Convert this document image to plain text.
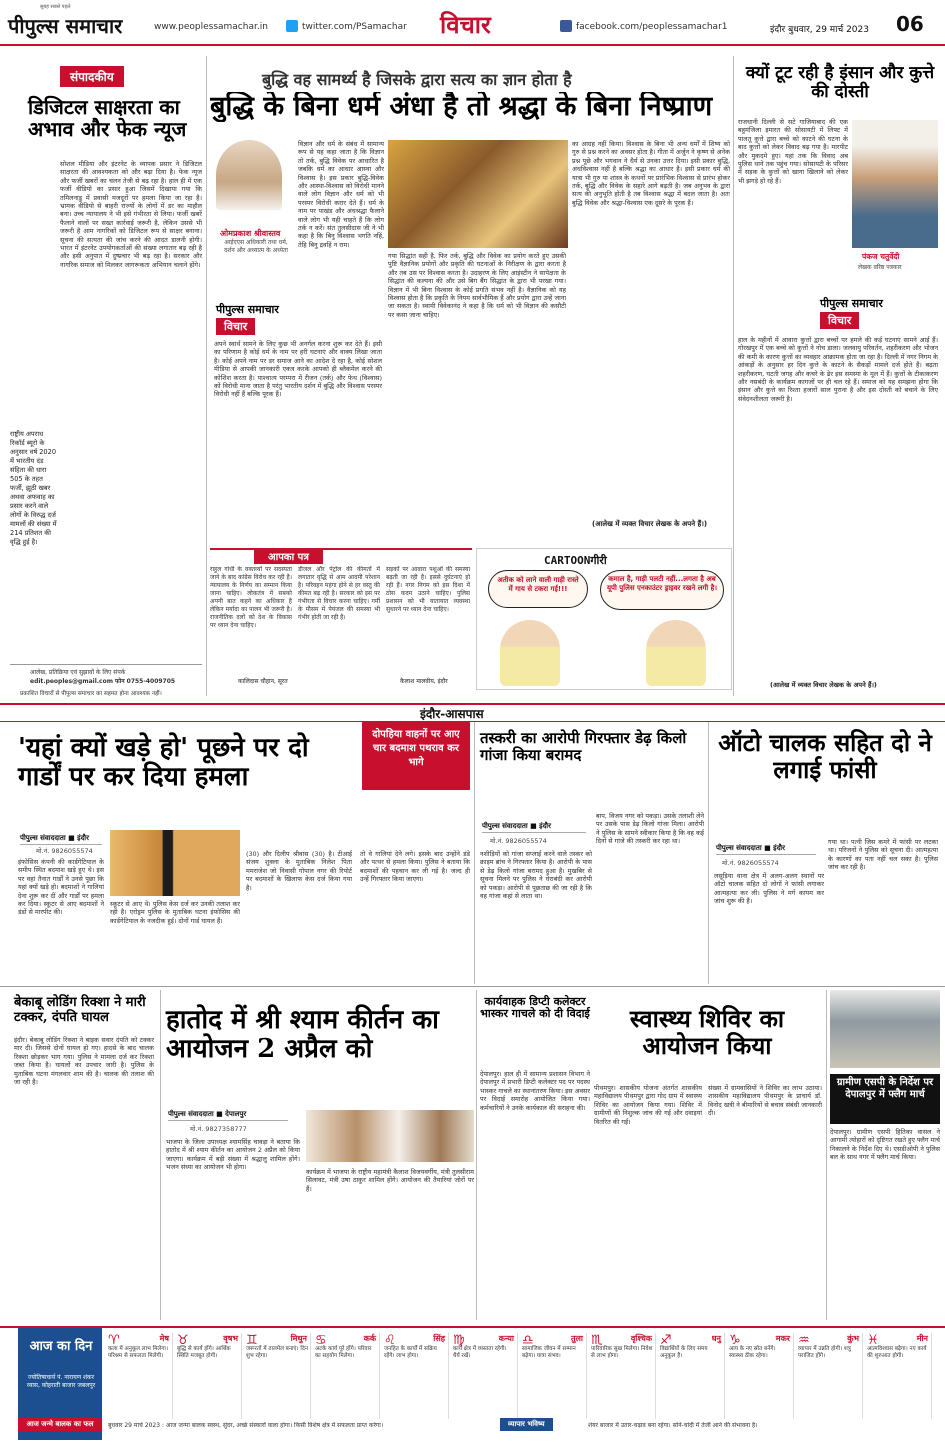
पीपुल्स समाचार
सुबह सबसे पहले
www.peoplessamachar.in	twitter.com/PSamachar विचार	facebook.com/peoplessamachar1	इंदौर बुधवार, 29 मार्च 2023 06
संपादकीय
डिजिटल साक्षरता का अभाव और फेक न्यूज
सोशल मीडिया और इंटरनेट के व्यापक प्रसार ने डिजिटल साक्षरता की आवश्यकता को और बढ़ा दिया है। फेक न्यूज और फर्जी खबरों का चलन तेजी से बढ़ रहा है। हाल ही में एक फर्जी वीडियो का प्रसार हुआ जिसमें दिखाया गया कि तमिलनाडु में प्रवासी मजदूरों पर हमला किया जा रहा है। भ्रामक वीडियो से बाहरी राज्यों के लोगों में डर का माहौल बना। उच्च न्यायालय ने भी इसे गंभीरता से लिया। फर्जी खबरें फैलाने वालों पर सख्त कार्रवाई जरूरी है, लेकिन उससे भी जरूरी है आम नागरिकों को डिजिटल रूप से साक्षर बनाना। सूचना की सत्यता की जांच करने की आदत डालनी होगी। भारत में इंटरनेट उपयोगकर्ताओं की संख्या लगातार बढ़ रही है और इसी अनुपात में दुष्प्रचार भी बढ़ रहा है। सरकार और नागरिक समाज को मिलकर जागरूकता अभियान चलाने होंगे।
राष्ट्रीय अपराध रिकॉर्ड ब्यूरो के अनुसार वर्ष 2020 में भारतीय दंड संहिता की धारा 505 के तहत फर्जी, झूठी खबर अथवा अफवाह का प्रसार करने वाले लोगों के विरुद्ध दर्ज मामलों की संख्या में 214 प्रतिशत की वृद्धि हुई है।
आलेख, प्रतिक्रिया एवं सुझावों के लिए संपर्क
edit.peoples@gmail.com फोन 0755-4009705
प्रकाशित विचारों से पीपुल्स समाचार का सहमत होना आवश्यक नहीं।
बुद्धि वह सामर्थ्य है जिसके द्वारा सत्य का ज्ञान होता है
बुद्धि के बिना धर्म अंधा है तो श्रद्धा के बिना निष्प्राण
ओमप्रकाश श्रीवास्तव
आईएएस अधिकारी तथा धर्म, दर्शन और अध्यात्म के अध्येता
पीपुल्स समाचार
विचार
विज्ञान और धर्म के संबंध में सामान्य रूप से यह कहा जाता है कि विज्ञान तो तर्क, बुद्धि विवेक पर आधारित है जबकि धर्म का आधार आस्था और विश्वास है। इस प्रकार बुद्धि-विवेक और आस्था-विश्वास को विरोधी मानने वाले लोग विज्ञान और धर्म को भी परस्पर विरोधी करार देते हैं। धर्म के नाम पर पाखंड और अंधश्रद्धा फैलाने वाले लोग भी यही चाहते हैं कि लोग तर्क न करें। संत तुलसीदास जी ने भी कहा है कि बिनु विश्वास भगति नहिं, तेहि बिनु द्रवहिं न राम।
अपने स्वार्थ सामने के लिए कुछ भी अनर्गल करना शुरू कर देते हैं। इसी का परिणाम है कोई धर्म के नाम पर हरी घटनाएं और वाक्य लिखा जाता है। कोई अपने नाम पर डर समाज आने का आदेश दे रहा है, कोई सोशल मीडिया से आपकी जानकारी एकत्र करके आपको ही ब्लैकमेल करने की कोशिश करता है। पाश्चात्य परम्परा में रीजन (तर्क) और फेथ (विश्वास) को विरोधी माना जाता है परंतु भारतीय दर्शन में बुद्धि और विश्वास परस्पर विरोधी नहीं हैं बल्कि पूरक हैं।
गया सिद्धांत सही है, फिर तर्क, बुद्धि और विवेक का प्रयोग करते हुए उसकी पुष्टि वैज्ञानिक प्रयोगों और प्रकृति की घटनाओं के निरीक्षण के द्वारा करता है और तब उस पर विश्वास करता है। उदाहरण के लिए आइंस्टीन ने सापेक्षता के सिद्धांत की कल्पना की और उसे बिग बैंग सिद्धांत के द्वारा भी परखा गया। विज्ञान में भी बिना विश्वास के कोई प्रगति संभव नहीं है। वैज्ञानिक को यह विश्वास होता है कि प्रकृति के नियम सार्वभौमिक हैं और प्रयोग द्वारा उन्हें जाना जा सकता है। स्वामी विवेकानंद ने कहा है कि धर्म को भी विज्ञान की कसौटी पर कसा जाना चाहिए।
का आग्रह नहीं किया। विश्वास के बिना भी अन्य धर्मों में शिष्य को गुरु से प्रश्न करने का अवसर होता है। गीता में अर्जुन ने कृष्ण से अनेक प्रश्न पूछे और भगवान ने धैर्य से उनका उत्तर दिया। इसी प्रकार बुद्धि, अंधविश्वास नहीं है बल्कि श्रद्धा का आधार है। इसी प्रकार धर्म की यात्रा भी गुरु या शास्त्र के कथनों पर प्रारंभिक विश्वास से प्रारंभ होकर तर्क, बुद्धि और विवेक के सहारे आगे बढ़ती है। जब अनुभव के द्वारा सत्य की अनुभूति होती है तब विश्वास श्रद्धा में बदल जाता है। अतः बुद्धि विवेक और श्रद्धा-विश्वास एक दूसरे के पूरक हैं।
(आलेख में व्यक्त विचार लेखक के अपने हैं।)
आपका पत्र
राहुल गांधी के वक्तव्यों पर सदस्यता जाने के बाद कांग्रेस विरोध कर रही है। न्यायालय के निर्णय का सम्मान किया जाना चाहिए। लोकतंत्र में सबको अपनी बात कहने का अधिकार है लेकिन मर्यादा का पालन भी जरूरी है। राजनीतिक दलों को देश के विकास पर ध्यान देना चाहिए।
कालिदास चौहान, सूरत
डीजल और पेट्रोल की कीमतों में लगातार वृद्धि से आम आदमी परेशान है। परिवहन महंगा होने से हर वस्तु की कीमत बढ़ रही है। सरकार को इस पर गंभीरता से विचार करना चाहिए। गर्मी के मौसम में पेयजल की समस्या भी गंभीर होती जा रही है।
सड़कों पर आवारा पशुओं की समस्या बढ़ती जा रही है। इससे दुर्घटनाएं हो रही हैं। नगर निगम को इस दिशा में ठोस कदम उठाने चाहिए। पुलिस प्रशासन को भी यातायात व्यवस्था सुधारने पर ध्यान देना चाहिए।
कैलाश मालवीय, इंदौर
CARTOONगीरी
अतीक को लाने वाली गाड़ी रास्ते में गाय से टकरा गई!!!
कमाल है, गाड़ी पलटी नहीं...लगता है अब यूपी पुलिस एनकाउंटर ड्राइवर रखने लगी है।
क्यों टूट रही है इंसान और कुत्ते की दोस्ती
राजधानी दिल्ली से सटे गाजियाबाद की एक बहुमंजिला इमारत की सोसायटी में लिफ्ट में पालतू कुत्ते द्वारा बच्चे को काटने की घटना के बाद कुत्तों को लेकर विवाद बढ़ गया है। मारपीट और मुकदमे हुए। यहां तक कि विवाद अब पुलिस थाने तक पहुंच गया। सोसायटी के परिसर में सड़क के कुत्तों को खाना खिलाने को लेकर भी झगड़े हो रहे हैं।
पंकज चतुर्वेदी
लेखक वरिष्ठ पत्रकार
पीपुल्स समाचार
विचार
हाल के महीनों में आवारा कुत्तों द्वारा बच्चों पर हमले की कई घटनाएं सामने आई हैं। गोरखपुर में एक बच्चे को कुत्तों ने नोच डाला। जलवायु परिवर्तन, शहरीकरण और भोजन की कमी के कारण कुत्तों का व्यवहार आक्रामक होता जा रहा है। दिल्ली में नगर निगम के आंकड़ों के अनुसार हर दिन कुत्ते के काटने के सैकड़ों मामले दर्ज होते हैं। बढ़ता शहरीकरण, घटती जगह और कचरे के ढेर इस समस्या के मूल में हैं। कुत्तों के टीकाकरण और नसबंदी के कार्यक्रम कागजों पर ही चल रहे हैं। समाज को यह समझना होगा कि इंसान और कुत्ते का रिश्ता हजारों साल पुराना है और इस दोस्ती को बचाने के लिए संवेदनशीलता जरूरी है।
(आलेख में व्यक्त विचार लेखक के अपने हैं।)
इंदौर-आसपास
'यहां क्यों खड़े हो' पूछने पर दो गार्डों पर कर दिया हमला
पीपुल्स संवाददाता ■ इंदौर
मो.नं. 9826055574
इंफोसिस कंपनी की कार्डगेटियाल के समीप स्थित बदमाश खड़े हुए थे। इस पर वहां तैनात गार्डों ने उनसे पूछा कि यहां क्यों खड़े हो। बदमाशों ने गालियां देना शुरू कर दीं और गार्डों पर हमला कर दिया। स्कूटर से आए बदमाशों ने डंडों से मारपीट की।
स्कूटर से आए थे। पुलिस केस दर्ज कर उनकी तलाश कर रही है। एरोड्रम पुलिस के मुताबिक घटना इंफोसिस की कार्डगेटियाल के नजदीक हुई। दोनों गार्ड घायल हैं।
दोपहिया वाहनों पर आए चार बदमाश पथराव कर भागे
(30) और दिलीप श्रीवास (30) है। टीआई संजय शुक्ला के मुताबिक निलेश पिता ममराजेश जो निवासी गोपाल नगर की रिपोर्ट पर बदमाशों के खिलाफ केस दर्ज किया गया है।
तो वे गालियां देने लगे। इसके बाद उन्होंने डंडे और पत्थर से हमला किया। पुलिस ने बताया कि बदमाशों की पहचान कर ली गई है। जल्द ही उन्हें गिरफ्तार किया जाएगा।
तस्करी का आरोपी गिरफ्तार डेढ़ किलो गांजा किया बरामद
पीपुल्स संवाददाता ■ इंदौर
मो.नं. 9826055574
नशीड़ियों को गांजा सप्लाई करने वाले तस्कर को क्राइम ब्रांच ने गिरफ्तार किया है। आरोपी के पास से डेढ़ किलो गांजा बरामद हुआ है। मुखबिर से सूचना मिलने पर पुलिस ने घेराबंदी कर आरोपी को पकड़ा। आरोपी से पूछताछ की जा रही है कि वह गांजा कहां से लाता था।
बाप, विजय नगर को पकड़ा। उसके तलाशी लेने पर उसके पास डेढ़ किलो गांजा मिला। आरोपी ने पुलिस के सामने स्वीकार किया है कि वह कई दिनों से गांजे की तस्करी कर रहा था।
ऑटो चालक सहित दो ने लगाई फांसी
पीपुल्स संवाददाता ■ इंदौर
मो.नं. 9826055574
लसूड़िया थाना क्षेत्र में अलग-अलग स्थानों पर ऑटो चालक सहित दो लोगों ने फांसी लगाकर आत्महत्या कर ली। पुलिस ने मर्ग कायम कर जांच शुरू की है।
गया था। पत्नी जिस कमरे में फांसी पर लटका था। परिजनों ने पुलिस को सूचना दी। आत्महत्या के कारणों का पता नहीं चल सका है। पुलिस जांच कर रही है।
बेकाबू लोडिंग रिक्शा ने मारी टक्कर, दंपति घायल
इंदौर। बेकाबू लोडिंग रिक्शा ने बाइक सवार दंपति को टक्कर मार दी। जिससे दोनों घायल हो गए। हादसे के बाद चालक रिक्शा छोड़कर भाग गया। पुलिस ने मामला दर्ज कर रिक्शा जब्त किया है। घायलों का उपचार जारी है। पुलिस के मुताबिक घटना मंगलवार शाम की है। चालक की तलाश की जा रही है।
हातोद में श्री श्याम कीर्तन का आयोजन 2 अप्रैल को
पीपुल्स संवाददाता ■ देपालपुर
मो.नं. 9827358777
भाजपा के जिला उपाध्यक्ष श्यामसिंह चावड़ा ने बताया कि हातोद में श्री श्याम कीर्तन का आयोजन 2 अप्रैल को किया जाएगा। कार्यक्रम में बड़ी संख्या में श्रद्धालु शामिल होंगे। भजन संध्या का आयोजन भी होगा।
कार्यक्रम में भाजपा के राष्ट्रीय महामंत्री कैलाश विजयवर्गीय, मंत्री तुलसीराम सिलावट, मंत्री उषा ठाकुर शामिल होंगे। आयोजन की तैयारियां जोरों पर हैं।
कार्यवाहक डिप्टी कलेक्टर भास्कर गाचले को दी विदाई
देपालपुर। हाल ही में सामान्य प्रशासन विभाग ने देपालपुर में प्रभारी डिप्टी कलेक्टर पद पर पदस्थ भास्कर गाचले का स्थानांतरण किया। इस अवसर पर विदाई समारोह आयोजित किया गया। कर्मचारियों ने उनके कार्यकाल की सराहना की।
स्वास्थ्य शिविर का आयोजन किया
पीथमपुर। शासकीय योजना अंतर्गत शासकीय महाविद्यालय पीथमपुर द्वारा गोद ग्राम में स्वास्थ्य शिविर का आयोजन किया गया। शिविर में ग्रामीणों की निशुल्क जांच की गई और दवाइयां वितरित की गईं।
संख्या में ग्रामवासियों ने शिविर का लाभ उठाया। शासकीय महाविद्यालय पीथमपुर के प्राचार्य डॉ. विनोद खत्री ने बीमारियों से बचाव संबंधी जानकारी दी।
ग्रामीण एसपी के निर्देश पर देपालपुर में फ्लैग मार्च
देपालपुर। ग्रामीण एसपी हितिका वासल ने आगामी त्योहारों को दृष्टिगत रखते हुए फ्लैग मार्च निकालने के निर्देश दिए थे। एसडीओपी ने पुलिस बल के साथ नगर में फ्लैग मार्च किया।
आज का दिन
ज्योतिषाचार्य पं. नारायण शंकर व्यास, कोहराती बाजार जबलपुर
आज जन्मे बालक का फल
♈	मेष
कला में अनुकूल लाभ मिलेगा। परिश्रम से सफलता मिलेगी।
♉	वृषभ
बुद्धि से कार्य होंगे। आर्थिक स्थिति मजबूत होगी।
♊	मिथुन
जरूरतों में तालमेल बनाएं। दिन शुभ रहेगा।
♋	कर्क
अटके कार्य पूरे होंगे। परिवार का सहयोग मिलेगा।
♌	सिंह
जनहित के कार्यों में सक्रिय रहेंगे। लाभ होगा।
♍	कन्या
कार्य क्षेत्र में व्यस्तता रहेगी। धैर्य रखें।
♎	तुला
सामाजिक जीवन में सम्मान बढ़ेगा। यात्रा संभव।
♏	वृश्चिक
पारिवारिक सुख मिलेगा। निवेश से लाभ होगा।
♐	धनु
विद्यार्थियों के लिए समय अनुकूल है।
♑	मकर
आय के नए स्रोत बनेंगे। स्वास्थ्य ठीक रहेगा।
♒	कुंभ
व्यापार में उन्नति होगी। शत्रु पराजित होंगे।
♓	मीन
आत्मविश्वास बढ़ेगा। नए कार्य की शुरुआत होगी।
बुधवार 29 मार्च 2023 : आज जन्मा बालक स्वस्थ, सुंदर, अच्छे संस्कारों वाला होगा। किसी विशेष क्षेत्र में सफलता प्राप्त करेगा।	व्यापार भविष्य	शेयर बाजार में उतार-चढ़ाव बना रहेगा। सोने-चांदी में तेजी आने की संभावना है।
